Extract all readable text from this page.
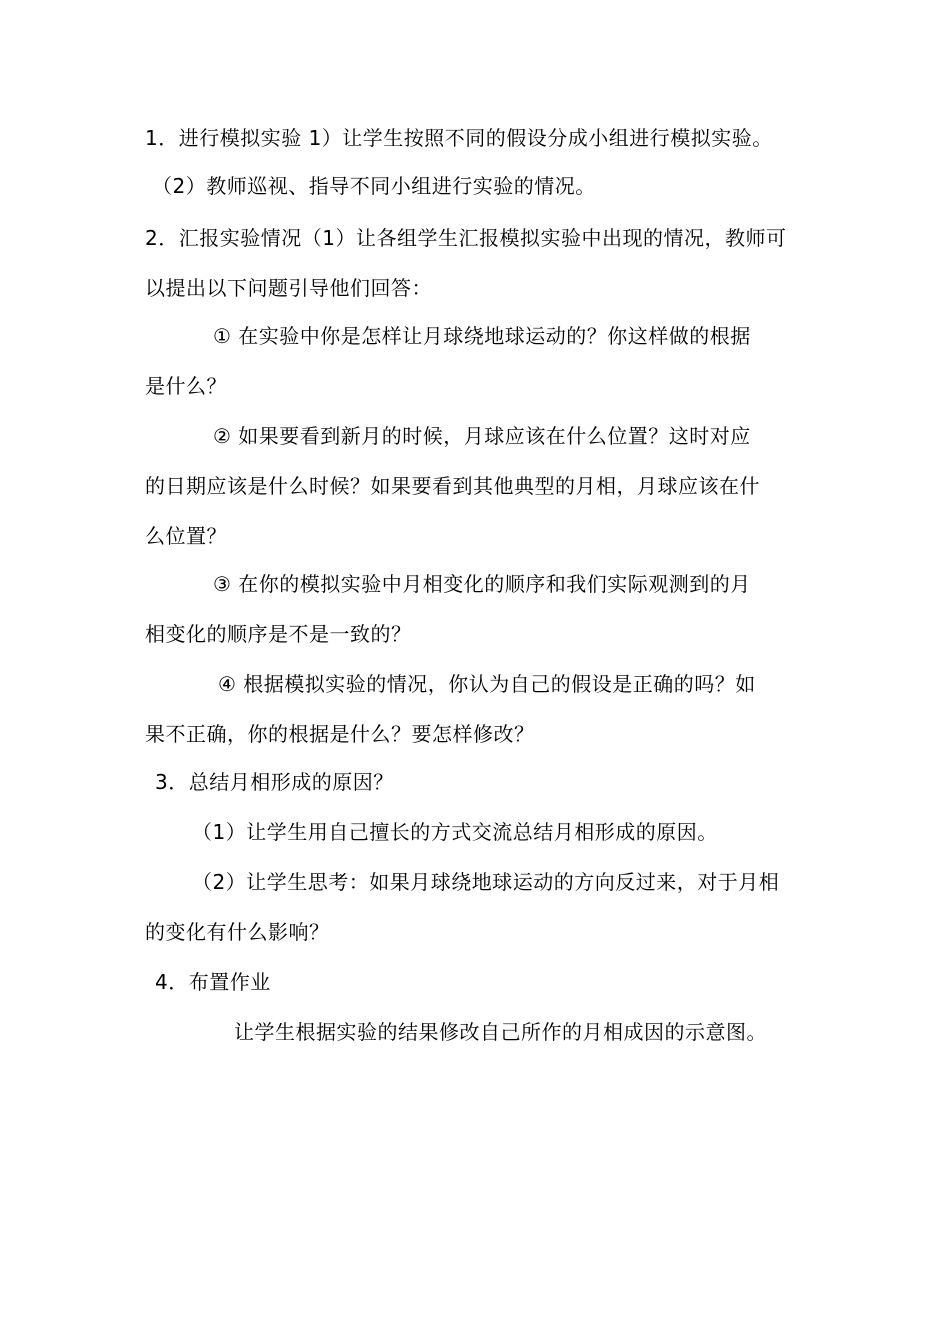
1．进行模拟实验 1）让学生按照不同的假设分成小组进行模拟实验。
（2）教师巡视、指导不同小组进行实验的情况。
2．汇报实验情况（1）让各组学生汇报模拟实验中出现的情况，教师可
以提出以下问题引导他们回答：
① 在实验中你是怎样让月球绕地球运动的？你这样做的根据
是什么？
② 如果要看到新月的时候，月球应该在什么位置？这时对应
的日期应该是什么时候？如果要看到其他典型的月相，月球应该在什
么位置？
③ 在你的模拟实验中月相变化的顺序和我们实际观测到的月
相变化的顺序是不是一致的？
④ 根据模拟实验的情况，你认为自己的假设是正确的吗？如
果不正确，你的根据是什么？要怎样修改？
3．总结月相形成的原因？
（1）让学生用自己擅长的方式交流总结月相形成的原因。
（2）让学生思考：如果月球绕地球运动的方向反过来，对于月相
的变化有什么影响？
4．布置作业
让学生根据实验的结果修改自己所作的月相成因的示意图。
